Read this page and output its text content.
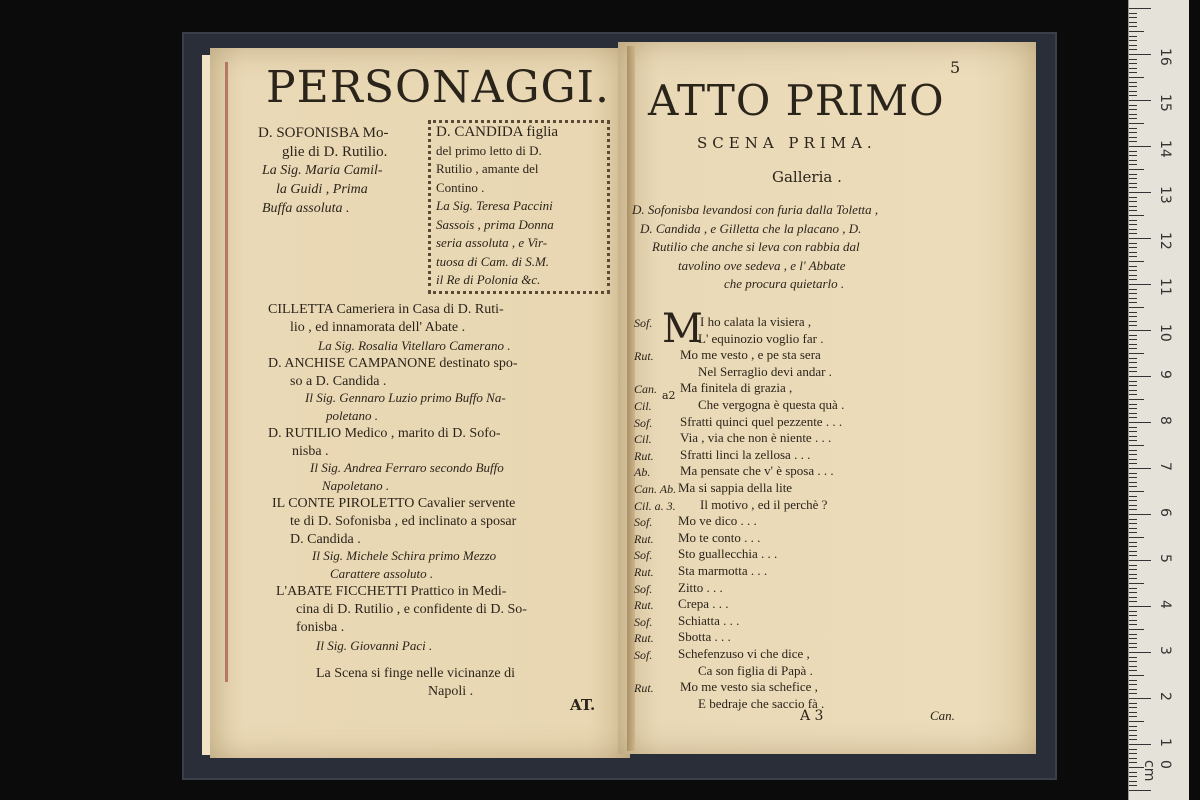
PERSONAGGI.
AT.
5
ATTO PRIMO
SCENA PRIMA.
Galleria .
M
a2
A 3	Can.
0 cm
1
2
3
4
5
6
7
8
9
10
11
12
13
14
15
16
D. SOFONISBA Mo-
glie di D. Rutilio.
La Sig. Maria Camil-
la Guidi , Prima
Buffa assoluta .
D. CANDIDA figlia
del primo letto di D.
Rutilio , amante del
Contino .
La Sig. Teresa Paccini
Sassois , prima Donna
seria assoluta , e Vir-
tuosa di Cam. di S.M.
il Re di Polonia &c.
CILLETTA Cameriera in Casa di D. Ruti-
lio , ed innamorata dell' Abate .
La Sig. Rosalia Vitellaro Camerano .
D. ANCHISE CAMPANONE destinato spo-
so a D. Candida .
Il Sig. Gennaro Luzio primo Buffo Na-
poletano .
D. RUTILIO Medico , marito di D. Sofo-
nisba .
Il Sig. Andrea Ferraro secondo Buffo
Napoletano .
IL CONTE PIROLETTO Cavalier servente
te di D. Sofonisba , ed inclinato a sposar
D. Candida .
Il Sig. Michele Schira primo Mezzo
Carattere assoluto .
L'ABATE FICCHETTI Prattico in Medi-
cina di D. Rutilio , e confidente di D. So-
fonisba .
Il Sig. Giovanni Paci .
La Scena si finge nelle vicinanze di
Napoli .
D. Sofonisba levandosi con furia dalla Toletta ,
D. Candida , e Gilletta che la placano , D.
Rutilio che anche si leva con rabbia dal
tavolino ove sedeva , e l' Abbate
che procura quietarlo .
Sof.
Rut.
Can.
Cil.
Sof.
Cil.
Rut.
Ab.
Can. Ab.
Cil. a. 3.
Sof.
Rut.
Sof.
Rut.
Sof.
Rut.
Sof.
Rut.
Sof.
Rut.
I ho calata la visiera ,
L' equinozio voglio far .
Mo me vesto , e pe sta sera
Nel Serraglio devi andar .
Ma finitela di grazia ,
Che vergogna è questa quà .
Sfratti quinci quel pezzente . . .
Via , via che non è niente . . .
Sfratti linci la zellosa . . .
Ma pensate che v' è sposa . . .
Ma si sappia della lite
Il motivo , ed il perchè ?
Mo ve dico . . .
Mo te conto . . .
Sto guallecchia . . .
Sta marmotta . . .
Zitto . . .
Crepa . . .
Schiatta . . .
Sbotta . . .
Schefenzuso vi che dice ,
Ca son figlia di Papà .
Mo me vesto sia schefice ,
E bedraje che saccio fà .
